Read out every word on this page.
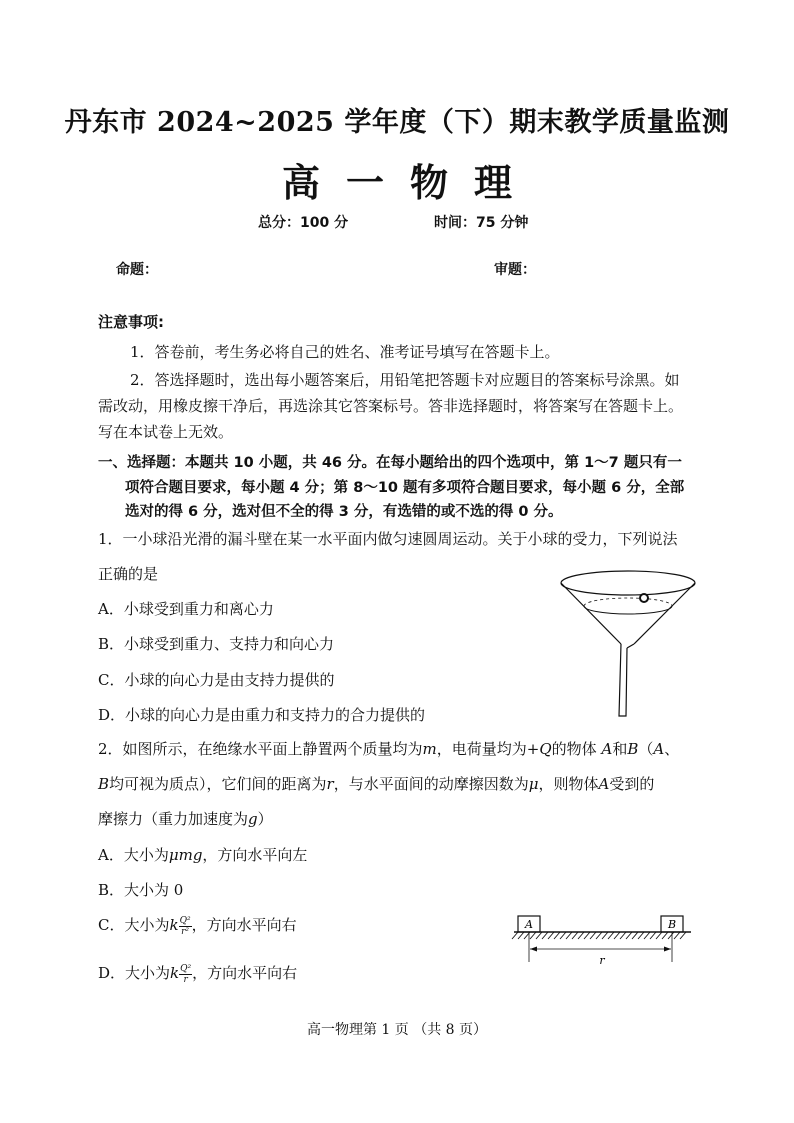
丹东市 2024~2025 学年度（下）期末教学质量监测
高一物理
总分：100 分	时间：75 分钟
命题：	审题：
注意事项:
1．答卷前，考生务必将自己的姓名、准考证号填写在答题卡上。
2．答选择题时，选出每小题答案后，用铅笔把答题卡对应题目的答案标号涂黑。如
需改动，用橡皮擦干净后，再选涂其它答案标号。答非选择题时，将答案写在答题卡上。
写在本试卷上无效。
一、选择题：本题共 10 小题，共 46 分。在每小题给出的四个选项中，第 1～7 题只有一
项符合题目要求，每小题 4 分；第 8～10 题有多项符合题目要求，每小题 6 分，全部
选对的得 6 分，选对但不全的得 3 分，有选错的或不选的得 0 分。
1．一小球沿光滑的漏斗壁在某一水平面内做匀速圆周运动。关于小球的受力，下列说法
正确的是
A．小球受到重力和离心力
B．小球受到重力、支持力和向心力
C．小球的向心力是由支持力提供的
D．小球的向心力是由重力和支持力的合力提供的
2．如图所示，在绝缘水平面上静置两个质量均为m，电荷量均为+Q的物体 A和B（A、
B均可视为质点），它们间的距离为r，与水平面间的动摩擦因数为μ，则物体A受到的
摩擦力（重力加速度为g）
A．大小为μmg，方向水平向左
B．大小为 0
C．大小为k $\frac{\text{Q²}}{\text{r²}}$ ，方向水平向右
D．大小为k $\frac{\text{Q²}}{r}$ ，方向水平向右
A	B
r
高一物理第 1 页 （共 8 页）
